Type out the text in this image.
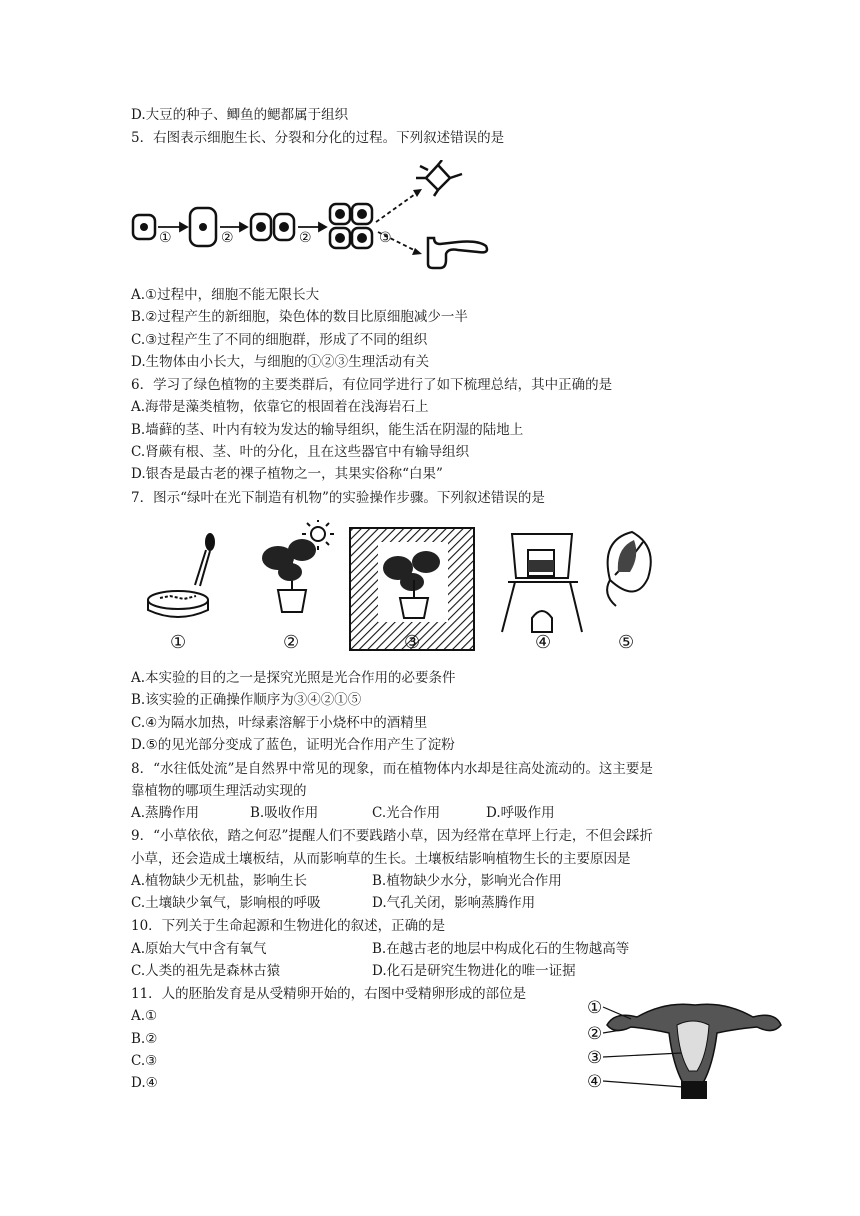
D.大豆的种子、鲫鱼的鳃都属于组织
5．右图表示细胞生长、分裂和分化的过程。下列叙述错误的是
①	②	②	③
A.①过程中，细胞不能无限长大
B.②过程产生的新细胞，染色体的数目比原细胞减少一半
C.③过程产生了不同的细胞群，形成了不同的组织
D.生物体由小长大，与细胞的①②③生理活动有关
6．学习了绿色植物的主要类群后，有位同学进行了如下梳理总结，其中正确的是
A.海带是藻类植物，依靠它的根固着在浅海岩石上
B.墙藓的茎、叶内有较为发达的输导组织，能生活在阴湿的陆地上
C.肾蕨有根、茎、叶的分化，且在这些器官中有输导组织
D.银杏是最古老的裸子植物之一，其果实俗称“白果”
7．图示“绿叶在光下制造有机物”的实验操作步骤。下列叙述错误的是
①	②	③	④	⑤
A.本实验的目的之一是探究光照是光合作用的必要条件
B.该实验的正确操作顺序为③④②①⑤
C.④为隔水加热，叶绿素溶解于小烧杯中的酒精里
D.⑤的见光部分变成了蓝色，证明光合作用产生了淀粉
8．“水往低处流”是自然界中常见的现象，而在植物体内水却是往高处流动的。这主要是
靠植物的哪项生理活动实现的
A.蒸腾作用	B.吸收作用	C.光合作用	D.呼吸作用
9．“小草依依，踏之何忍”提醒人们不要践踏小草，因为经常在草坪上行走，不但会踩折
小草，还会造成土壤板结，从而影响草的生长。土壤板结影响植物生长的主要原因是
A.植物缺少无机盐，影响生长	B.植物缺少水分，影响光合作用
C.土壤缺少氧气，影响根的呼吸	D.气孔关闭，影响蒸腾作用
10．下列关于生命起源和生物进化的叙述，正确的是
A.原始大气中含有氧气	B.在越古老的地层中构成化石的生物越高等
C.人类的祖先是森林古猿	D.化石是研究生物进化的唯一证据
11．人的胚胎发育是从受精卵开始的，右图中受精卵形成的部位是
A.①
B.②
C.③
D.④
①
②
③
④
